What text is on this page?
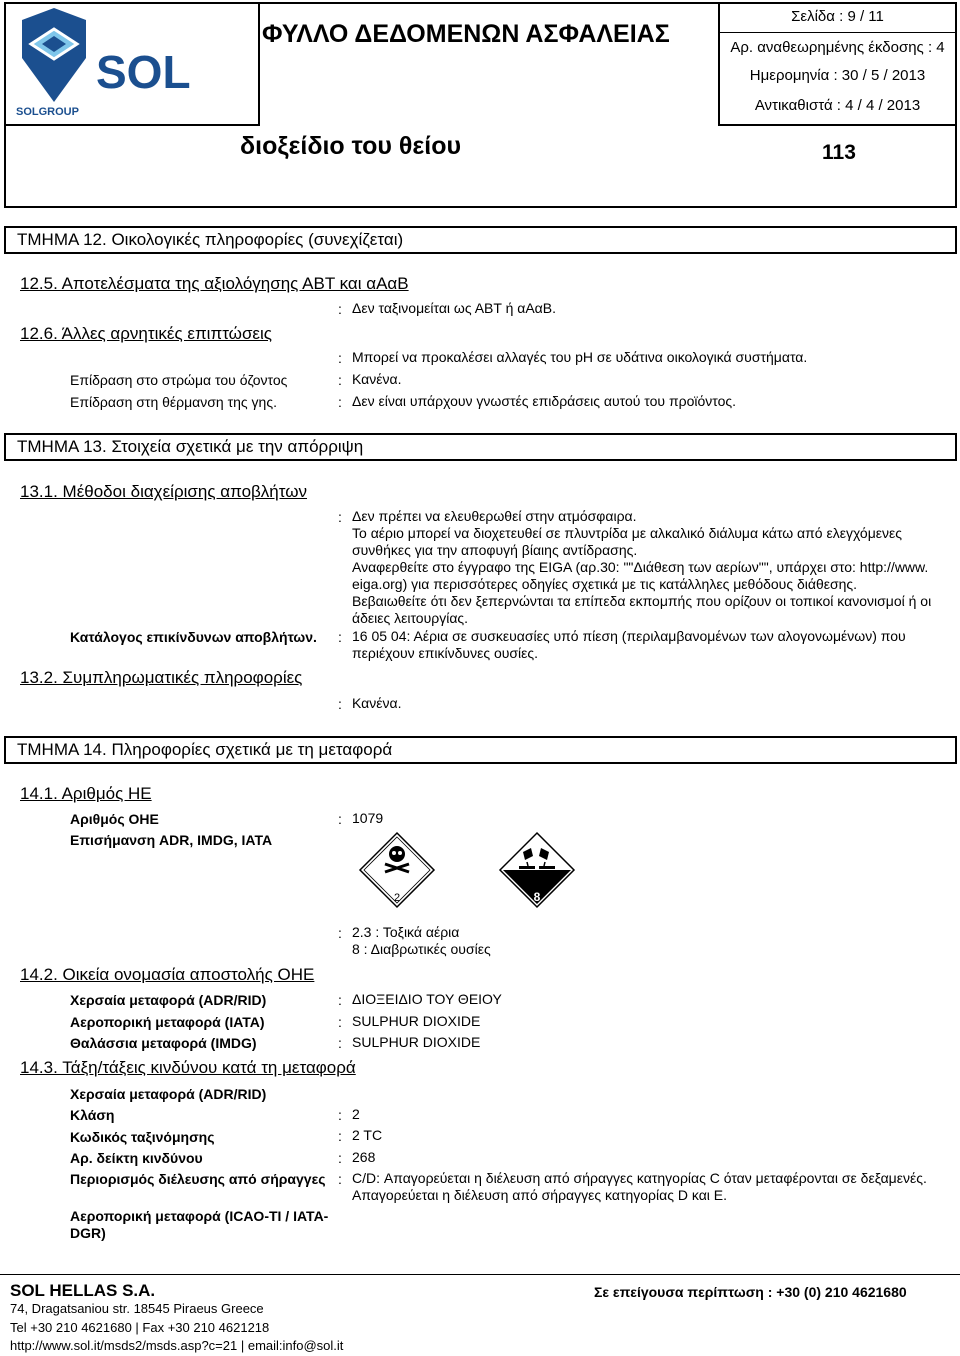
SOL
SOLGROUP
ΦΥΛΛΟ ΔΕΔΟΜΕΝΩΝ ΑΣΦΑΛΕΙΑΣ
Σελίδα : 9 / 11
Αρ. αναθεωρημένης έκδοσης : 4
Ημερομηνία : 30 / 5 / 2013
Αντικαθιστά : 4 / 4 / 2013
διοξείδιο του θείου	113
ΤΜΗΜΑ 12. Οικολογικές πληροφορίες (συνεχίζεται)
12.5. Αποτελέσματα της αξιολόγησης ΑΒΤ και αΑαΒ
: Δεν ταξινομείται ως ΑΒΤ ή αΑαΒ.
12.6. Άλλες αρνητικές επιπτώσεις
: Μπορεί να προκαλέσει αλλαγές του pH σε υδάτινα οικολογικά συστήματα.
Επίδραση στο στρώμα του όζοντος	: Κανένα.
Επίδραση στη θέρμανση της γης.	: Δεν είναι υπάρχουν γνωστές επιδράσεις αυτού του προϊόντος.
ΤΜΗΜΑ 13. Στοιχεία σχετικά με την απόρριψη
13.1. Μέθοδοι διαχείρισης αποβλήτων
: Δεν πρέπει να ελευθερωθεί στην ατμόσφαιρα.
Το αέριο μπορεί να διοχετευθεί σε πλυντρίδα με αλκαλικό διάλυμα κάτω από ελεγχόμενες
συνθήκες για την αποφυγή βίαιης αντίδρασης.
Αναφερθείτε στο έγγραφο της EIGA (αρ.30: ""Διάθεση των αερίων"", υπάρχει στο: http://www.
eiga.org) για περισσότερες οδηγίες σχετικά με τις κατάλληλες μεθόδους διάθεσης.
Βεβαιωθείτε ότι δεν ξεπερνώνται τα επίπεδα εκπομπής που ορίζουν οι τοπικοί κανονισμοί ή οι
άδειες λειτουργίας.
Κατάλογος επικίνδυνων αποβλήτων. : 16 05 04: Αέρια σε συσκευασίες υπό πίεση (περιλαμβανομένων των αλογονωμένων) που
περιέχουν επικίνδυνες ουσίες.
13.2. Συμπληρωματικές πληροφορίες
: Κανένα.
ΤΜΗΜΑ 14. Πληροφορίες σχετικά με τη μεταφορά
14.1. Αριθμός ΗΕ
Αριθμός ΟΗΕ	: 1079
Επισήμανση ADR, IMDG, IATA
2	8
: 2.3 : Τοξικά αέρια
8 : Διαβρωτικές ουσίες
14.2. Οικεία ονομασία αποστολής ΟΗΕ
Χερσαία μεταφορά (ADR/RID)	: ΔΙΟΞΕΙΔΙΟ ΤΟΥ ΘΕΙΟΥ
Αεροπορική μεταφορά (IATA)	: SULPHUR DIOXIDE
Θαλάσσια μεταφορά (IMDG)	: SULPHUR DIOXIDE
14.3. Τάξη/τάξεις κινδύνου κατά τη μεταφορά
Χερσαία μεταφορά (ADR/RID)
Κλάση	: 2
Κωδικός ταξινόμησης	: 2 TC
Αρ. δείκτη κινδύνου	: 268
Περιορισμός διέλευσης από σήραγγες : C/D: Απαγορεύεται η διέλευση από σήραγγες κατηγορίας C όταν μεταφέρονται σε δεξαμενές.
Απαγορεύεται η διέλευση από σήραγγες κατηγορίας D και Ε.
Αεροπορική μεταφορά (ICAO-TI / IATA-
DGR)
SOL HELLAS S.A.
74, Dragatsaniou str. 18545 Piraeus Greece
Tel +30 210 4621680 | Fax +30 210 4621218
http://www.sol.it/msds2/msds.asp?c=21 | email:info@sol.it
Σε επείγουσα περίπτωση : +30 (0) 210 4621680
